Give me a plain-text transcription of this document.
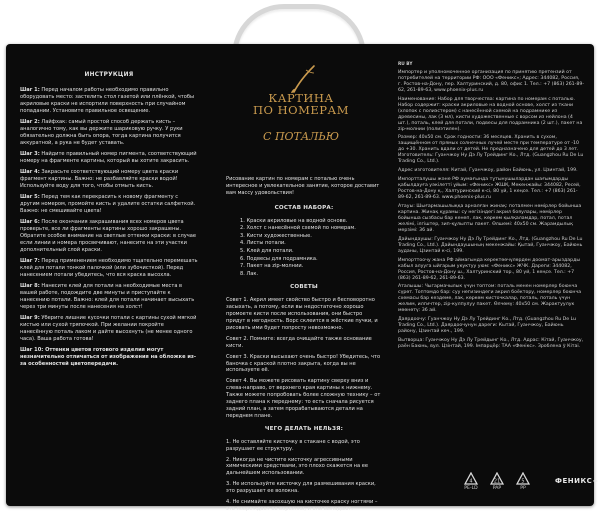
ИНСТРУКЦИЯ

Шаг 1: Перед началом работы необходимо правильно оборудовать место: застелить стол газетой или плёнкой, чтобы акриловые краски не испортили поверхность при случайном попадании. Установите правильное освещение.

Шаг 2: Лайфхак: самый простой способ держать кисть – аналогично тому, как вы держите шариковую ручку. У руки обязательно должна быть опора, тогда картина получится аккуратной, а рука не будет уставать.

Шаг 3: Найдите правильный номер пигмента, соответствующий номеру на фрагменте картины, который вы хотите закрасить.

Шаг 4: Закрасьте соответствующий номеру цвета краски фрагмент картины. Важно: не разбавляйте краски водой! Используйте воду для того, чтобы отмыть кисть.

Шаг 5: Перед тем как перекрасить к новому фрагменту с другим номером, промойте кисть и удалите остатки салфеткой. Важно: не смешивайте цвета!

Шаг 6: После окончания закрашивания всех номеров цвета проверьте, все ли фрагменты картины хорошо закрашены. Обратите особое внимание на светлые оттенки краски: в случае если линии и номера просвечивают, нанесите на эти участки дополнительный слой краски.

Шаг 7: Перед применением необходимо тщательно перемешать клей для потали тонкой палочкой (или зубочисткой). Перед нанесением потали убедитесь, что вся краска высохла.

Шаг 8: Нанесите клей для потали на необходимые места в вашей работе, подождите две минуты и приступайте к нанесению потали. Важно: клей для потали начинает высыхать через три минуты после нанесения на холст!

Шаг 9: Уберите лишние кусочки потали с картины сухой мягкой кистью или сухой тряпочкой. При желании покройте нанесённую поталь лаком и дайте высохнуть (не менее одного часа). Ваша работа готова!

Шаг 10: Оттенки цветов готового изделия могут незначительно отличаться от изображения на обложке из-за особенностей цветопередачи.

КАРТИНА
ПО НОМЕРАМ
С ПОТАЛЬЮ

Рисование картин по номерам с поталью очень интересное и увлекательное занятие, которое доставит вам массу удовольствия!

СОСТАВ НАБОРА:
1. Краски акриловые на водной основе.
2. Холст с нанесённой схемой по номерам.
3. Кисти художественные.
4. Листы потали.
5. Клей для потали.
6. Подвесы для подрамника.
7. Пакет на zip-молнии.
8. Лак.
СОВЕТЫ

Совет 1. Акрил имеет свойство быстро и бесповоротно засыхать, а потому, если вы недостаточно хорошо промоете кисти после использования, они быстро придут в негодность. Ворс склеится в жёсткие пучки, и рисовать ими будет попросту невозможно.

Совет 2. Помните: всегда очищайте также основание кисти.

Совет 3. Краски высыхают очень быстро! Убедитесь, что баночка с краской плотно закрыта, когда вы не используете её.

Совет 4. Вы можете рисовать картину сверху вниз и слева-направо, от верхнего края картины к нижнему. Также можете попробовать более сложную технику – от заднего плана к переднему: то есть сначала рисуется задний план, а затем прорабатываются детали на переднем плане.

ЧЕГО ДЕЛАТЬ НЕЛЬЗЯ:

1. Не оставляйте кисточку в стакане с водой, это разрушает ее структуру.

2. Никогда не чистите кисточку агрессивными химическими средствами, это плохо скажется на ее дальнейшем использовании.

3. Не используйте кисточку для размешивания краски, это разрушает ее волокна.

4. Не снимайте засохшую на кисточке краску ногтями – это повреждает ее ворсинки, и они выпадают.

RU BY

Импортер и уполномоченное организация по принятию претензий от потребителей на территории РФ: ООО «Феникс»; Адрес: 344082, Россия, г. Ростов-на-Дону, пер. Халтуринский, д. 80, офис 1. Тел.: +7 (863) 261-89-62, 261-89-63, www.phoenix-plus.ru

Наименование: Набор для творчества: картина по номерам с поталью. Набор содержит: краски акриловые на водной основе, холст из ткани (хлопок с полиэстером) с нанесённой схемой на подрамнике из древесины, лак (3 мл), кисти художественные с ворсом из нейлона (4 шт.), поталь, клей для потали, подвесы для подрамника (2 шт.), пакет на zip-молнии (полиэтилен).

Размер: 40х50 см. Срок годности: 36 месяцев. Хранить в сухом, защищённом от прямых солнечных лучей месте при температуре от -10 до +30. Хранить вдали от детей. Не предназначено для детей до 3 лет. Изготовитель: Гуанчжоу Ну Дэ Лу Трейдинг Ко., Лтд. (Guangzhou Ru De Lu Trading Co., Ltd.).

Адрес изготовителя: Китай, Гуанчжоу, район Байюнь, ул. Цзинтай, 199.

Импортталушы және РФ аумағында тұтынушылардан шағымдарды қабылдауға уәкілетті ұйым: «Феникс» ЖШҚ. Мекенжайы: 344082, Ресей, Ростов-на-Дону қ., Халтуринский к-сі, 80 үй, 1 кеңсе. Тел.: +7 (863) 261-89-62, 261-89-63. www.phoenix-plus.ru

Атауы: Шығармашылыққа арналған жинақ: поталмен нөмірлер бойынша картина. Жинақ құрамы: су негізіндегі акрил бояулары, нөмірлер бойынша сызбасы бар кенеп, лак, көркем қылқаламдар, потал, потал желімі, ілгіштер, зип-құлыпты пакет. Өлшемі: 40х50 см. Жарамдылық мерзімі: 36 ай.

Дайындаушы: Гуанчжоу Ну Дэ Лу Трейдинг Ко., Лтд. (Guangzhou Ru De Lu Trading Co., Ltd.). Дайындаушының мекенжайы: Қытай, Гуанчжоу, Байюнь ауданы, Цзинтай к-сі, 199.

Импорттоочу жана РФ аймагында керектөөчүлөрдөн доомат-арыздарды кабыл алууга ыйгарым укуктуу уюм: «Феникс» ЖЧК. Дареги: 344082, Россия, Ростов-на-Дону ш., Халтуринский тор., 80 үй, 1 кеңсе. Тел.: +7 (863) 261-89-62, 261-89-63.

Аталышы: Чыгармачылык үчүн топтом: поталь менен номерлер боюнча сүрөт. Топтомдо бар: суу негизиндеги акрил боёктору, номерлер боюнча схемасы бар кездеме, лак, көркөм кисточкалар, поталь, поталь үчүн желим, илгичтер, zip-кулпулуу пакет. Өлчөмү: 40х50 см. Жарактуулук мөөнөтү: 36 ай.

Даярдоочу: Гуанчжоу Ну Дэ Лу Трейдинг Ко., Лтд. (Guangzhou Ru De Lu Trading Co., Ltd.). Даярдоочунун дареги: Кытай, Гуанчжоу, Байюнь району, Цзинтай көч., 199.

Вытворца: Гуанчжоу Ну Дэ Лу Трейдынг Ко., Лтд. Адрас: Кітай, Гуанчжоу, раён Баюнь, вул. Цзінтай, 199. Імпарцёр: ТАА «Фенікс». Зроблена ў Кітаі.

4
PE-LD
21
PAP
5
PP
ФЕНИКС+
